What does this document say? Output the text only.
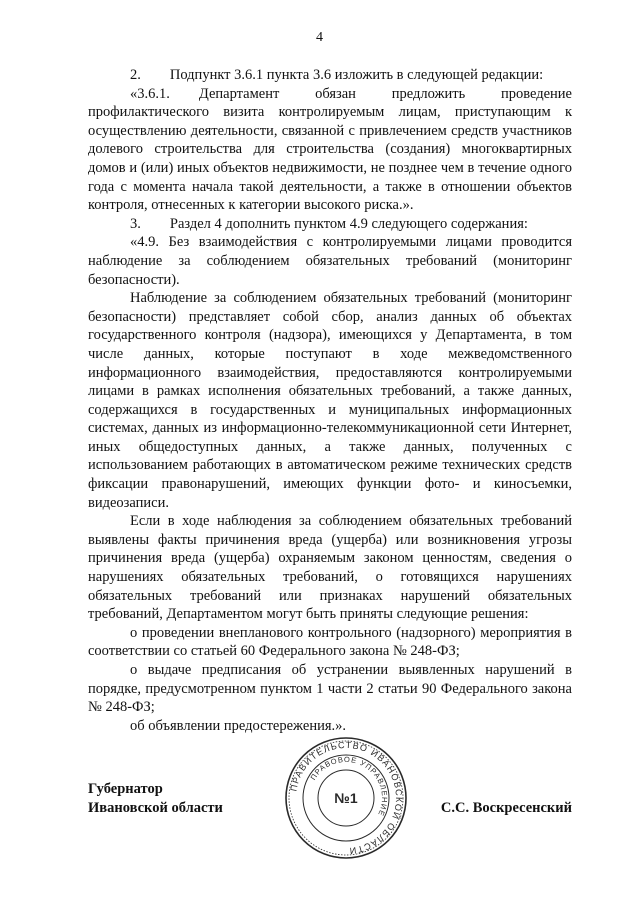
4

2.  Подпункт 3.6.1 пункта 3.6 изложить в следующей редакции:

«3.6.1.  Департамент обязан предложить проведение профилактического визита контролируемым лицам, приступающим к осуществлению деятельности, связанной с привлечением средств участников долевого строительства для строительства (создания) многоквартирных домов и (или) иных объектов недвижимости, не позднее чем в течение одного года с момента начала такой деятельности, а также в отношении объектов контроля, отнесенных к категории высокого риска.».

3.  Раздел 4 дополнить пунктом 4.9 следующего содержания:

«4.9. Без взаимодействия с контролируемыми лицами проводится наблюдение за соблюдением обязательных требований (мониторинг безопасности).

Наблюдение за соблюдением обязательных требований (мониторинг безопасности) представляет собой сбор, анализ данных об объектах государственного контроля (надзора), имеющихся у Департамента, в том числе данных, которые поступают в ходе межведомственного информационного взаимодействия, предоставляются контролируемыми лицами в рамках исполнения обязательных требований, а также данных, содержащихся в государственных и муниципальных информационных системах, данных из информационно-телекоммуникационной сети Интернет, иных общедоступных данных, а также данных, полученных с использованием работающих в автоматическом режиме технических средств фиксации правонарушений, имеющих функции фото- и киносъемки, видеозаписи.

Если в ходе наблюдения за соблюдением обязательных требований выявлены факты причинения вреда (ущерба) или возникновения угрозы причинения вреда (ущерба) охраняемым законом ценностям, сведения о нарушениях обязательных требований, о готовящихся нарушениях обязательных требований или признаках нарушений обязательных требований, Департаментом могут быть приняты следующие решения:

о проведении внепланового контрольного (надзорного) мероприятия в соответствии со статьей 60 Федерального закона № 248-ФЗ;

о выдаче предписания об устранении выявленных нарушений в порядке, предусмотренном пунктом 1 части 2 статьи 90 Федерального закона № 248-ФЗ;

об объявлении предостережения.».

Губернатор
Ивановской области
ПРАВИТЕЛЬСТВО ИВАНОВСКОЙ ОБЛАСТИ
ПРАВОВОЕ УПРАВЛЕНИЕ
№1
С.С. Воскресенский
